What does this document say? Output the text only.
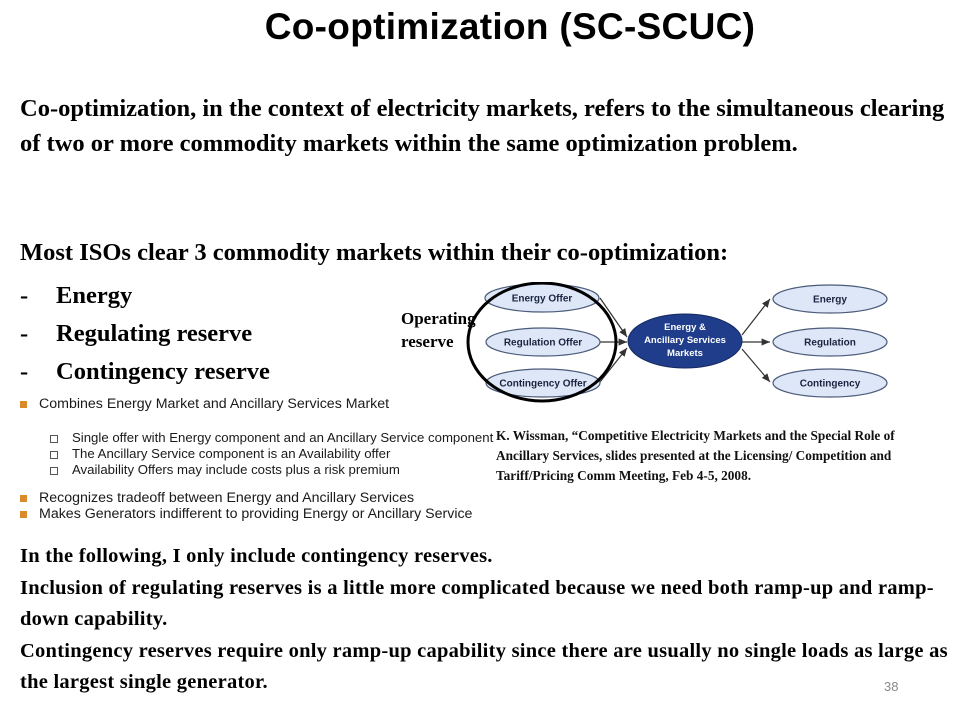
Co-optimization (SC-SCUC)
Co-optimization, in the context of electricity markets, refers to the simultaneous clearing of two or more commodity markets within the same optimization problem.
Most ISOs clear 3 commodity markets within their co-optimization:
- Energy
- Regulating reserve
- Contingency reserve
Operating
reserve
Energy Offer
Regulation Offer
Contingency Offer
Energy
Regulation
Contingency
Energy &
Ancillary Services
Markets
Combines Energy Market and Ancillary Services Market
Single offer with Energy component and an Ancillary Service component
The Ancillary Service component is an Availability offer
Availability Offers may include costs plus a risk premium
Recognizes tradeoff between Energy and Ancillary Services
Makes Generators indifferent to providing Energy or Ancillary Service
K. Wissman, “Competitive Electricity Markets and the Special Role of Ancillary Services, slides presented at the Licensing/ Competition and Tariff/Pricing Comm Meeting, Feb 4-5, 2008.
In the following, I only include contingency reserves.
Inclusion of regulating reserves is a little more complicated because we need both ramp-up and ramp-down capability.
Contingency reserves require only ramp-up capability since there are usually no single loads as large as the largest single generator.	38
